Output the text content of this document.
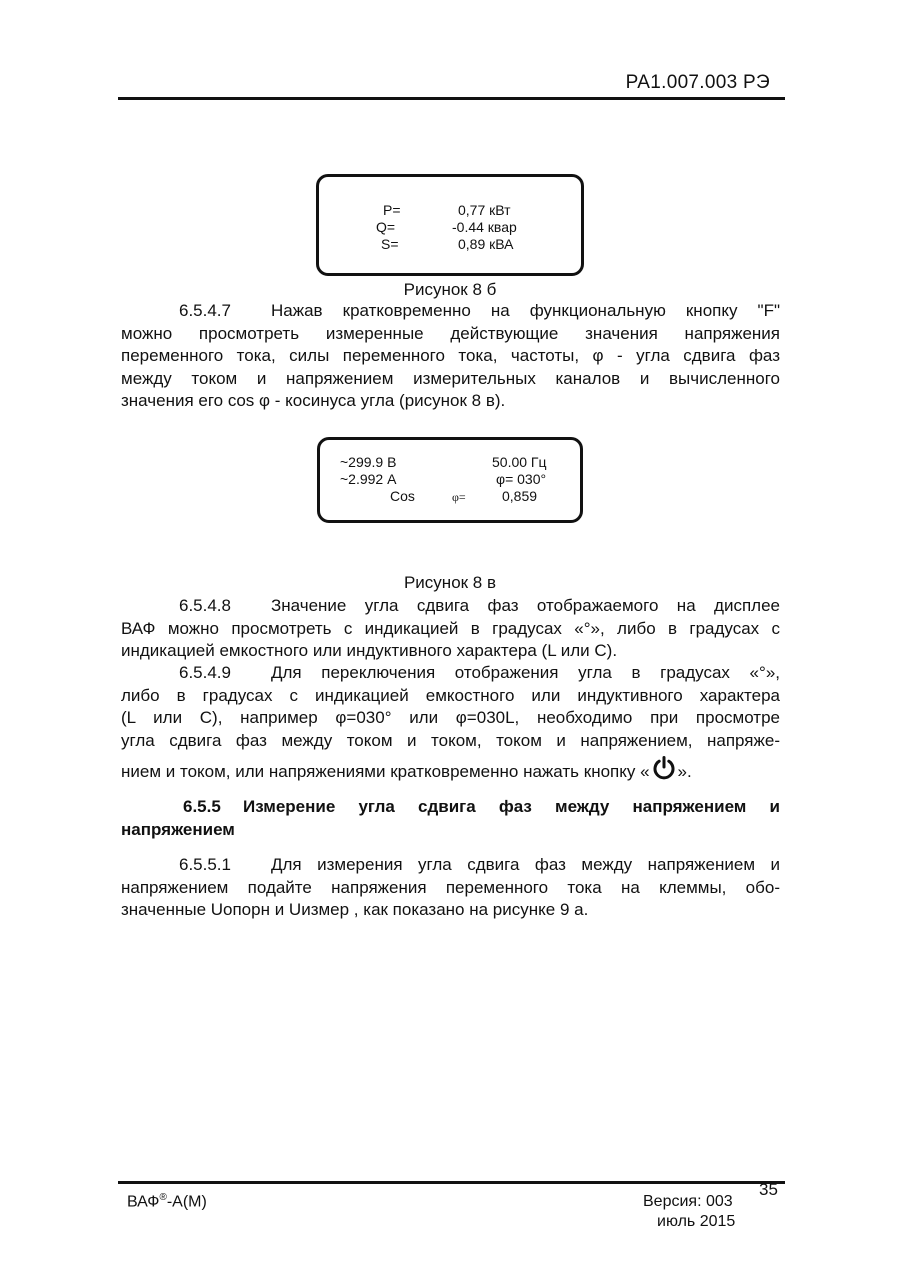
РА1.007.003 РЭ
P=	0,77 кВт
Q=	-0.44 квар
S=	0,89 кВА
Рисунок 8 б
6.5.4.7 Нажав кратковременно на функциональную кнопку "F"
можно просмотреть измеренные действующие значения напряжения
переменного тока, силы переменного тока, частоты, φ - угла сдвига фаз
между током и напряжением измерительных каналов и вычисленного
значения его cos φ - косинуса угла (рисунок 8 в).
~299.9 В	50.00 Гц
~2.992 А	φ= 030°
Cos	φ=	0,859
Рисунок 8 в
6.5.4.8 Значение угла сдвига фаз отображаемого на дисплее
ВАФ можно просмотреть с индикацией в градусах «°», либо в градусах с
индикацией емкостного или индуктивного характера (L или C).
6.5.4.9 Для переключения отображения угла в градусах «°»,
либо в градусах с индикацией емкостного или индуктивного характера
(L или C), например φ=030° или φ=030L, необходимо при просмотре
угла сдвига фаз между током и током, током и напряжением, напряже-
нием и током, или напряжениями кратковременно нажать кнопку « ».
6.5.5 Измерение угла сдвига фаз между напряжением и
напряжением
6.5.5.1 Для измерения угла сдвига фаз между напряжением и
напряжением подайте напряжения переменного тока на клеммы, обо-
значенные Uопорн и Uизмер , как показано на рисунке 9 а.
ВАФ®-А(М)	Версия: 003
июль 2015
35
